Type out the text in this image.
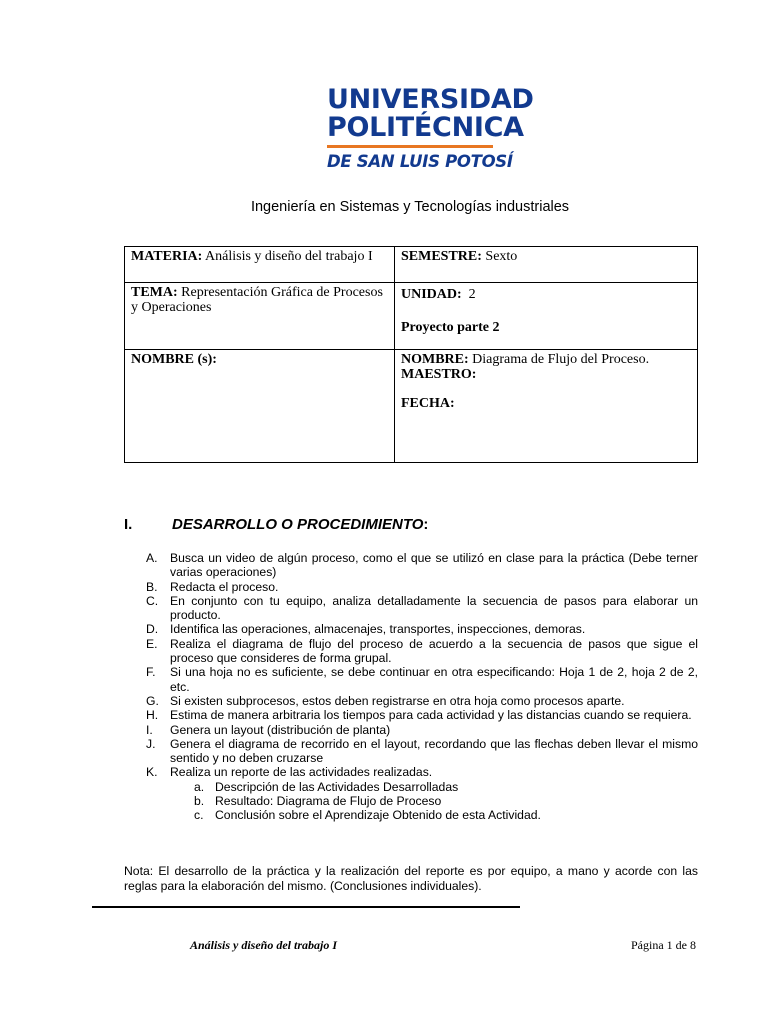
UNIVERSIDAD
POLITÉCNICA
DE SAN LUIS POTOSÍ
Ingeniería en Sistemas y Tecnologías industriales
MATERIA: Análisis y diseño del trabajo I	SEMESTRE: Sexto
TEMA: Representación Gráfica de Procesos y Operaciones	UNIDAD: 2
Proyecto parte 2

NOMBRE (s):	NOMBRE: Diagrama de Flujo del Proceso.
MAESTRO:
FECHA:
I.	DESARROLLO O PROCEDIMIENTO:
A. Busca un video de algún proceso, como el que se utilizó en clase para la práctica (Debe terner varias operaciones)
B. Redacta el proceso.
C. En conjunto con tu equipo, analiza detalladamente la secuencia de pasos para elaborar un producto.
D. Identifica las operaciones, almacenajes, transportes, inspecciones, demoras.
E. Realiza el diagrama de flujo del proceso de acuerdo a la secuencia de pasos que sigue el proceso que consideres de forma grupal.
F. Si una hoja no es suficiente, se debe continuar en otra especificando: Hoja 1 de 2, hoja 2 de 2, etc.
G. Si existen subprocesos, estos deben registrarse en otra hoja como procesos aparte.
H. Estima de manera arbitraria los tiempos para cada actividad y las distancias cuando se requiera.
I. Genera un layout (distribución de planta)
J. Genera el diagrama de recorrido en el layout, recordando que las flechas deben llevar el mismo sentido y no deben cruzarse
K. Realiza un reporte de las actividades realizadas.
a. Descripción de las Actividades Desarrolladas
b. Resultado: Diagrama de Flujo de Proceso
c. Conclusión sobre el Aprendizaje Obtenido de esta Actividad.
Nota: El desarrollo de la práctica y la realización del reporte es por equipo, a mano y acorde con las reglas para la elaboración del mismo. (Conclusiones individuales).
Análisis y diseño del trabajo I	Página 1 de 8
